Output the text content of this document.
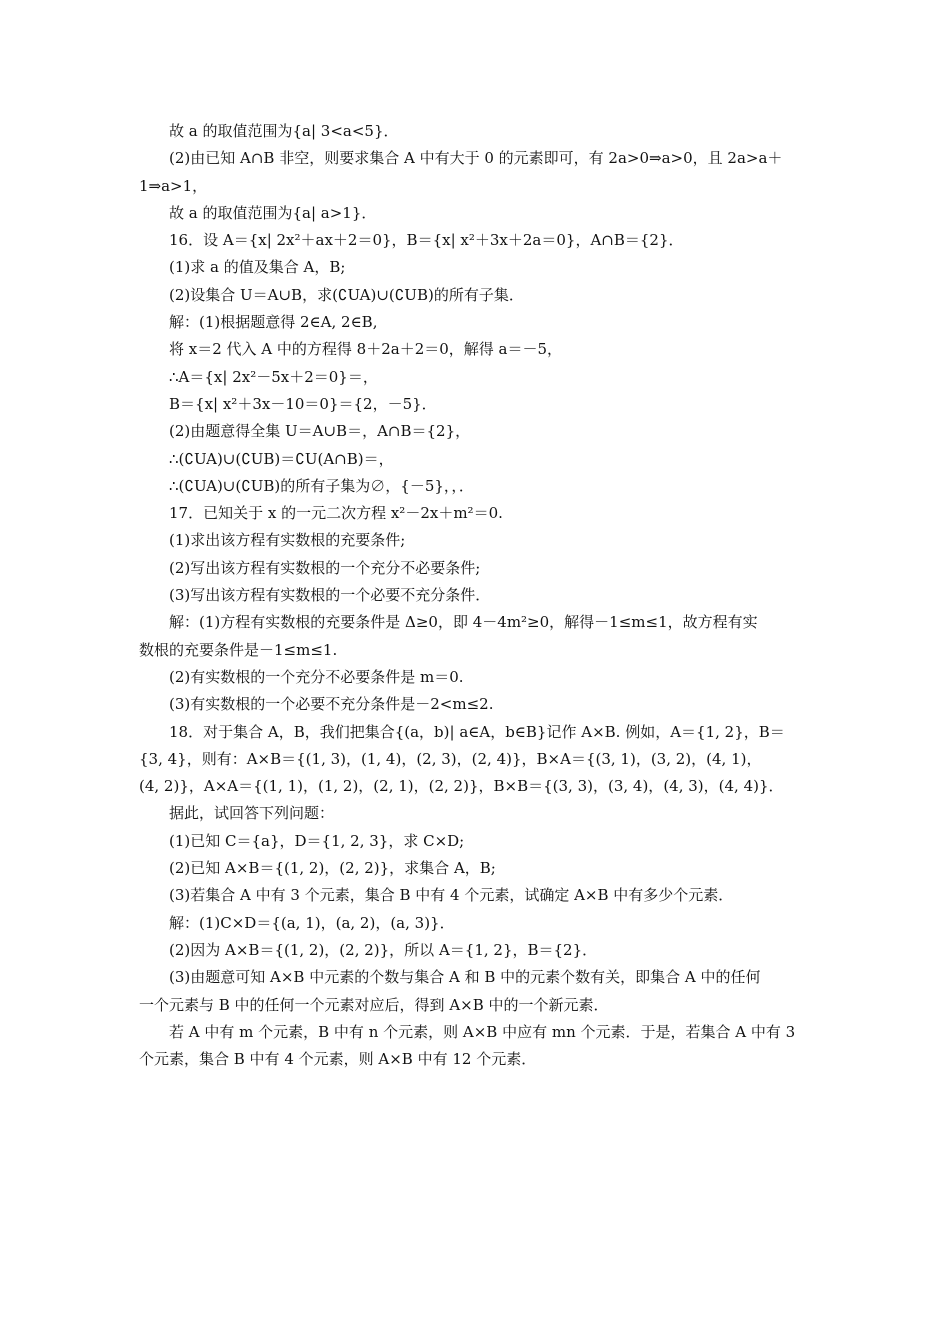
故 a 的取值范围为{a| 3<a<5}．
(2)由已知 A∩B 非空，则要求集合 A 中有大于 0 的元素即可，有 2a>0⇒a>0，且 2a>a＋
1⇒a>1，
故 a 的取值范围为{a| a>1}．
16．设 A＝{x| 2x²＋ax＋2＝0}，B＝{x| x²＋3x＋2a＝0}，A∩B＝{2}．
(1)求 a 的值及集合 A，B;
(2)设集合 U＝A∪B，求(∁UA)∪(∁UB)的所有子集．
解：(1)根据题意得 2∈A, 2∈B,
将 x＝2 代入 A 中的方程得 8＋2a＋2＝0，解得 a＝－5，
∴A＝{x| 2x²－5x＋2＝0}＝，
B＝{x| x²＋3x－10＝0}＝{2，－5}．
(2)由题意得全集 U＝A∪B＝，A∩B＝{2}，
∴(∁UA)∪(∁UB)＝∁U(A∩B)＝，
∴(∁UA)∪(∁UB)的所有子集为∅，{－5}，，．
17．已知关于 x 的一元二次方程 x²－2x＋m²＝0.
(1)求出该方程有实数根的充要条件;
(2)写出该方程有实数根的一个充分不必要条件;
(3)写出该方程有实数根的一个必要不充分条件．
解：(1)方程有实数根的充要条件是 Δ≥0，即 4－4m²≥0，解得－1≤m≤1，故方程有实
数根的充要条件是－1≤m≤1.
(2)有实数根的一个充分不必要条件是 m＝0.
(3)有实数根的一个必要不充分条件是－2<m≤2.
18．对于集合 A，B，我们把集合{(a，b)| a∈A，b∈B}记作 A×B. 例如，A＝{1, 2}，B＝
{3, 4}，则有：A×B＝{(1, 3)，(1, 4)，(2, 3)，(2, 4)}，B×A＝{(3, 1)，(3, 2)，(4, 1)，
(4, 2)}，A×A＝{(1, 1)，(1, 2)，(2, 1)，(2, 2)}，B×B＝{(3, 3)，(3, 4)，(4, 3)，(4, 4)}．
据此，试回答下列问题：
(1)已知 C＝{a}，D＝{1, 2, 3}，求 C×D;
(2)已知 A×B＝{(1, 2)，(2, 2)}，求集合 A，B;
(3)若集合 A 中有 3 个元素，集合 B 中有 4 个元素，试确定 A×B 中有多少个元素．
解：(1)C×D＝{(a, 1)，(a, 2)，(a, 3)}．
(2)因为 A×B＝{(1, 2)，(2, 2)}，所以 A＝{1, 2}，B＝{2}．
(3)由题意可知 A×B 中元素的个数与集合 A 和 B 中的元素个数有关，即集合 A 中的任何
一个元素与 B 中的任何一个元素对应后，得到 A×B 中的一个新元素．
若 A 中有 m 个元素，B 中有 n 个元素，则 A×B 中应有 mn 个元素．于是，若集合 A 中有 3
个元素，集合 B 中有 4 个元素，则 A×B 中有 12 个元素．
